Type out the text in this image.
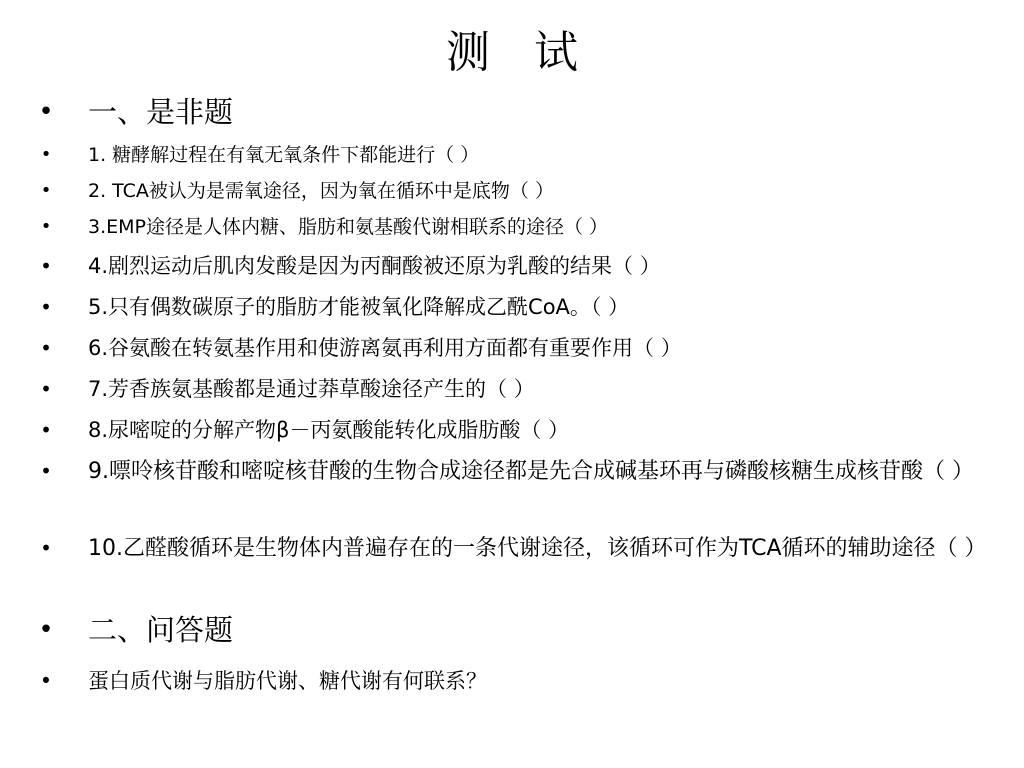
测 试
• 一、是非题
• 1. 糖酵解过程在有氧无氧条件下都能进行（ ）
• 2. TCA被认为是需氧途径，因为氧在循环中是底物（ ）
• 3.EMP途径是人体内糖、脂肪和氨基酸代谢相联系的途径（ ）
• 4.剧烈运动后肌肉发酸是因为丙酮酸被还原为乳酸的结果（ ）
• 5.只有偶数碳原子的脂肪才能被氧化降解成乙酰CoA。（ ）
• 6.谷氨酸在转氨基作用和使游离氨再利用方面都有重要作用（ ）
• 7.芳香族氨基酸都是通过莽草酸途径产生的（ ）
• 8.尿嘧啶的分解产物β－丙氨酸能转化成脂肪酸（ ）
• 9.嘌呤核苷酸和嘧啶核苷酸的生物合成途径都是先合成碱基环再与磷酸核糖生成核苷酸（ ）
• 10.乙醛酸循环是生物体内普遍存在的一条代谢途径，该循环可作为TCA循环的辅助途径（ ）
• 二、问答题
• 蛋白质代谢与脂肪代谢、糖代谢有何联系？
